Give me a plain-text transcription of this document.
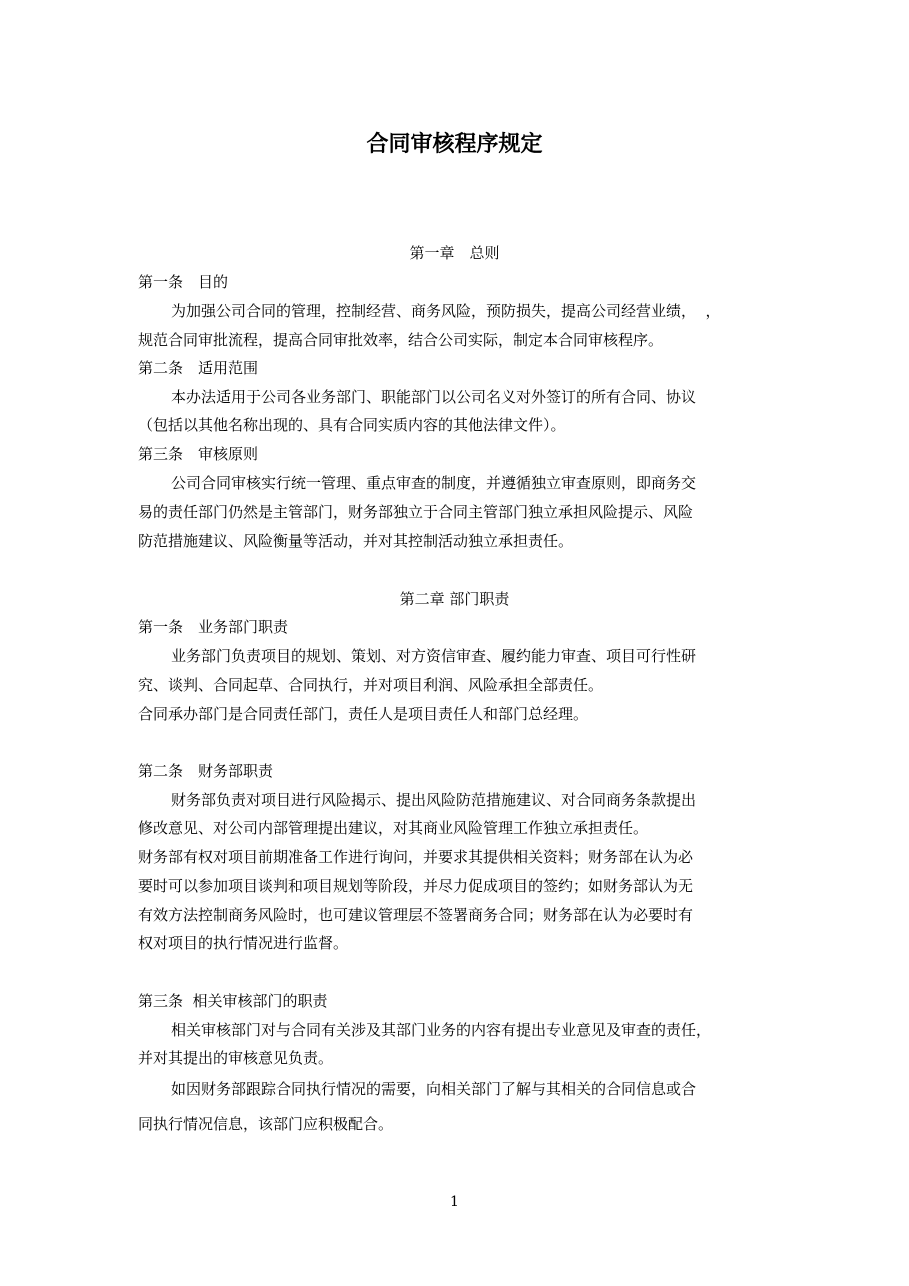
合同审核程序规定
第一章　总则
第一条　目的
为加强公司合同的管理，控制经营、商务风险，预防损失，提高公司经营业绩，  ，
规范合同审批流程，提高合同审批效率，结合公司实际，制定本合同审核程序。
第二条　适用范围
本办法适用于公司各业务部门、职能部门以公司名义对外签订的所有合同、协议
（包括以其他名称出现的、具有合同实质内容的其他法律文件）。
第三条　审核原则
公司合同审核实行统一管理、重点审查的制度，并遵循独立审查原则，即商务交
易的责任部门仍然是主管部门，财务部独立于合同主管部门独立承担风险提示、风险
防范措施建议、风险衡量等活动，并对其控制活动独立承担责任。
第二章 部门职责
第一条　业务部门职责
业务部门负责项目的规划、策划、对方资信审查、履约能力审查、项目可行性研
究、谈判、合同起草、合同执行，并对项目利润、风险承担全部责任。
合同承办部门是合同责任部门，责任人是项目责任人和部门总经理。
第二条　财务部职责
财务部负责对项目进行风险揭示、提出风险防范措施建议、对合同商务条款提出
修改意见、对公司内部管理提出建议，对其商业风险管理工作独立承担责任。
财务部有权对项目前期准备工作进行询问，并要求其提供相关资料；财务部在认为必
要时可以参加项目谈判和项目规划等阶段，并尽力促成项目的签约；如财务部认为无
有效方法控制商务风险时，也可建议管理层不签署商务合同；财务部在认为必要时有
权对项目的执行情况进行监督。
第三条  相关审核部门的职责
相关审核部门对与合同有关涉及其部门业务的内容有提出专业意见及审查的责任，
并对其提出的审核意见负责。
如因财务部跟踪合同执行情况的需要，向相关部门了解与其相关的合同信息或合
同执行情况信息，该部门应积极配合。
1
